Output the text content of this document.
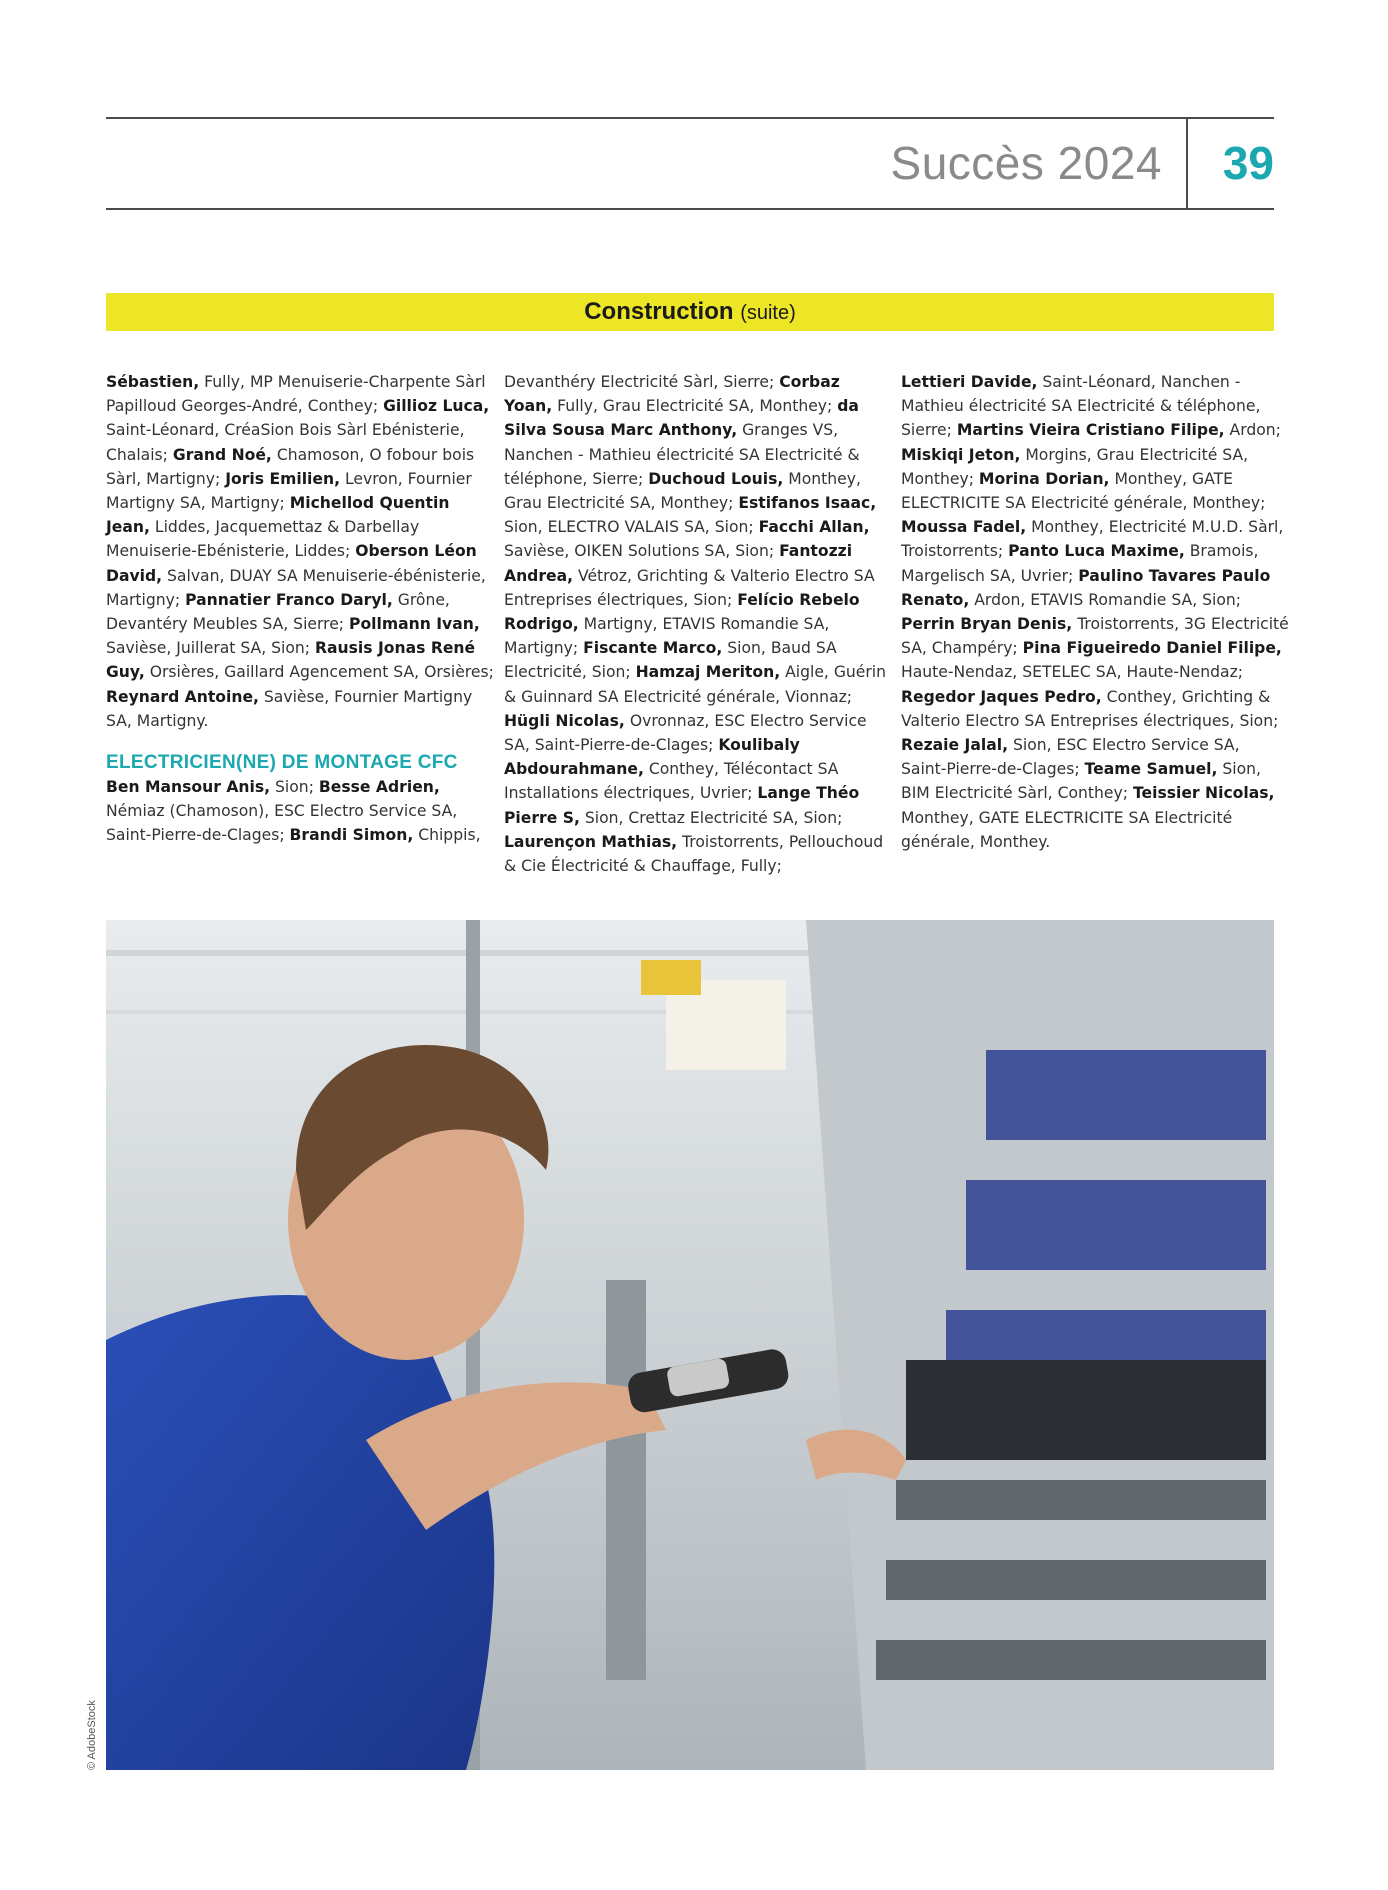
Succès 2024 39
Construction (suite)
Sébastien, Fully, MP Menuiserie-Charpente Sàrl Papilloud Georges-André, Conthey; Gillioz Luca, Saint-Léonard, CréaSion Bois Sàrl Ebénisterie, Chalais; Grand Noé, Chamoson, O fobour bois Sàrl, Martigny; Joris Emilien, Levron, Fournier Martigny SA, Martigny; Michellod Quentin Jean, Liddes, Jacquemettaz & Darbellay Menuiserie-Ebénisterie, Liddes; Oberson Léon David, Salvan, DUAY SA Menuiserie-ébénisterie, Martigny; Pannatier Franco Daryl, Grône, Devantéry Meubles SA, Sierre; Pollmann Ivan, Savièse, Juillerat SA, Sion; Rausis Jonas René Guy, Orsières, Gaillard Agencement SA, Orsières; Reynard Antoine, Savièse, Fournier Martigny SA, Martigny.
ELECTRICIEN(NE) DE MONTAGE CFC
Ben Mansour Anis, Sion; Besse Adrien, Némiaz (Chamoson), ESC Electro Service SA, Saint-Pierre-de-Clages; Brandi Simon, Chippis,
Devanthéry Electricité Sàrl, Sierre; Corbaz Yoan, Fully, Grau Electricité SA, Monthey; da Silva Sousa Marc Anthony, Granges VS, Nanchen - Mathieu électricité SA Electricité & téléphone, Sierre; Duchoud Louis, Monthey, Grau Electricité SA, Monthey; Estifanos Isaac, Sion, ELECTRO VALAIS SA, Sion; Facchi Allan, Savièse, OIKEN Solutions SA, Sion; Fantozzi Andrea, Vétroz, Grichting & Valterio Electro SA Entreprises électriques, Sion; Felício Rebelo Rodrigo, Martigny, ETAVIS Romandie SA, Martigny; Fiscante Marco, Sion, Baud SA Electricité, Sion; Hamzaj Meriton, Aigle, Guérin & Guinnard SA Electricité générale, Vionnaz; Hügli Nicolas, Ovronnaz, ESC Electro Service SA, Saint-Pierre-de-Clages; Koulibaly Abdourahmane, Conthey, Télécontact SA Installations électriques, Uvrier; Lange Théo Pierre S, Sion, Crettaz Electricité SA, Sion; Laurençon Mathias, Troistorrents, Pellouchoud & Cie Électricité & Chauffage, Fully;
Lettieri Davide, Saint-Léonard, Nanchen - Mathieu électricité SA Electricité & téléphone, Sierre; Martins Vieira Cristiano Filipe, Ardon; Miskiqi Jeton, Morgins, Grau Electricité SA, Monthey; Morina Dorian, Monthey, GATE ELECTRICITE SA Electricité générale, Monthey; Moussa Fadel, Monthey, Electricité M.U.D. Sàrl, Troistorrents; Panto Luca Maxime, Bramois, Margelisch SA, Uvrier; Paulino Tavares Paulo Renato, Ardon, ETAVIS Romandie SA, Sion; Perrin Bryan Denis, Troistorrents, 3G Electricité SA, Champéry; Pina Figueiredo Daniel Filipe, Haute-Nendaz, SETELEC SA, Haute-Nendaz; Regedor Jaques Pedro, Conthey, Grichting & Valterio Electro SA Entreprises électriques, Sion; Rezaie Jalal, Sion, ESC Electro Service SA, Saint-Pierre-de-Clages; Teame Samuel, Sion, BIM Electricité Sàrl, Conthey; Teissier Nicolas, Monthey, GATE ELECTRICITE SA Electricité générale, Monthey.
© AdobeStock
